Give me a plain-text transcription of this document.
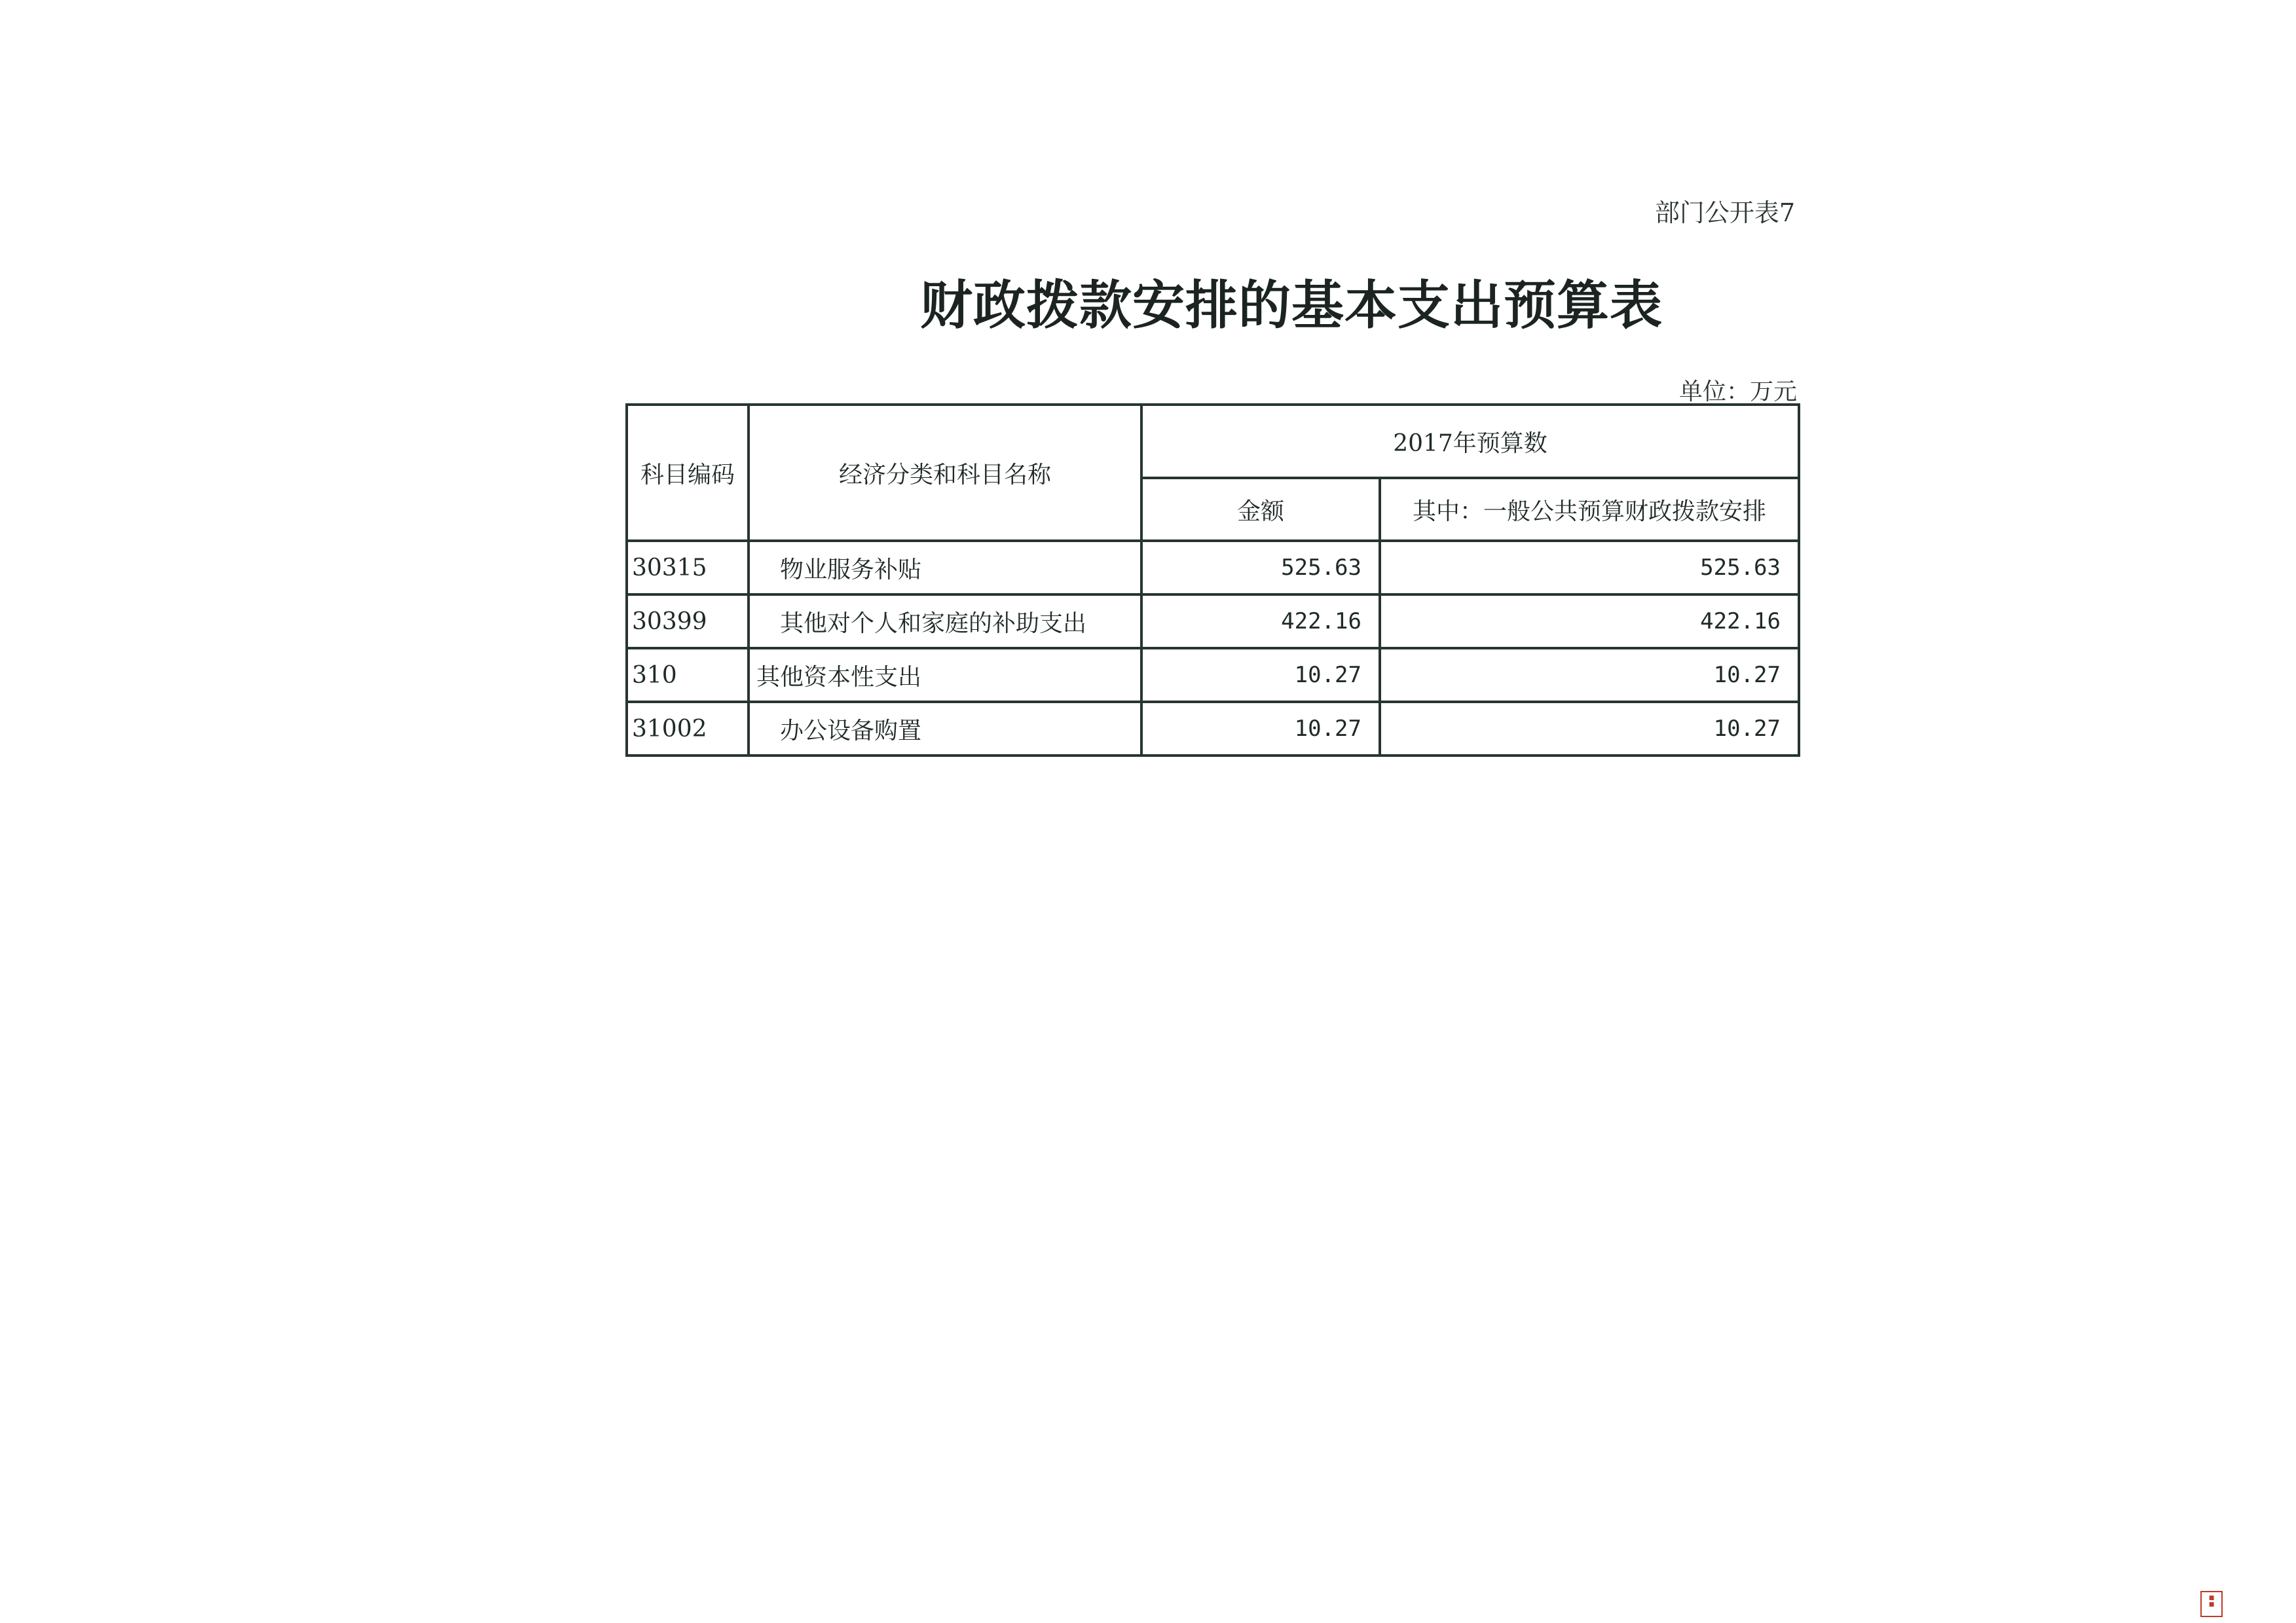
部门公开表7
财政拨款安排的基本支出预算表
单位：万元
科目编码	经济分类和科目名称	2017年预算数	
		金额	其中：一般公共预算财政拨款安排
30315	物业服务补贴	525.63	525.63
30399	其他对个人和家庭的补助支出	422.16	422.16
310	其他资本性支出	10.27	10.27
31002	办公设备购置	10.27	10.27
■
■
